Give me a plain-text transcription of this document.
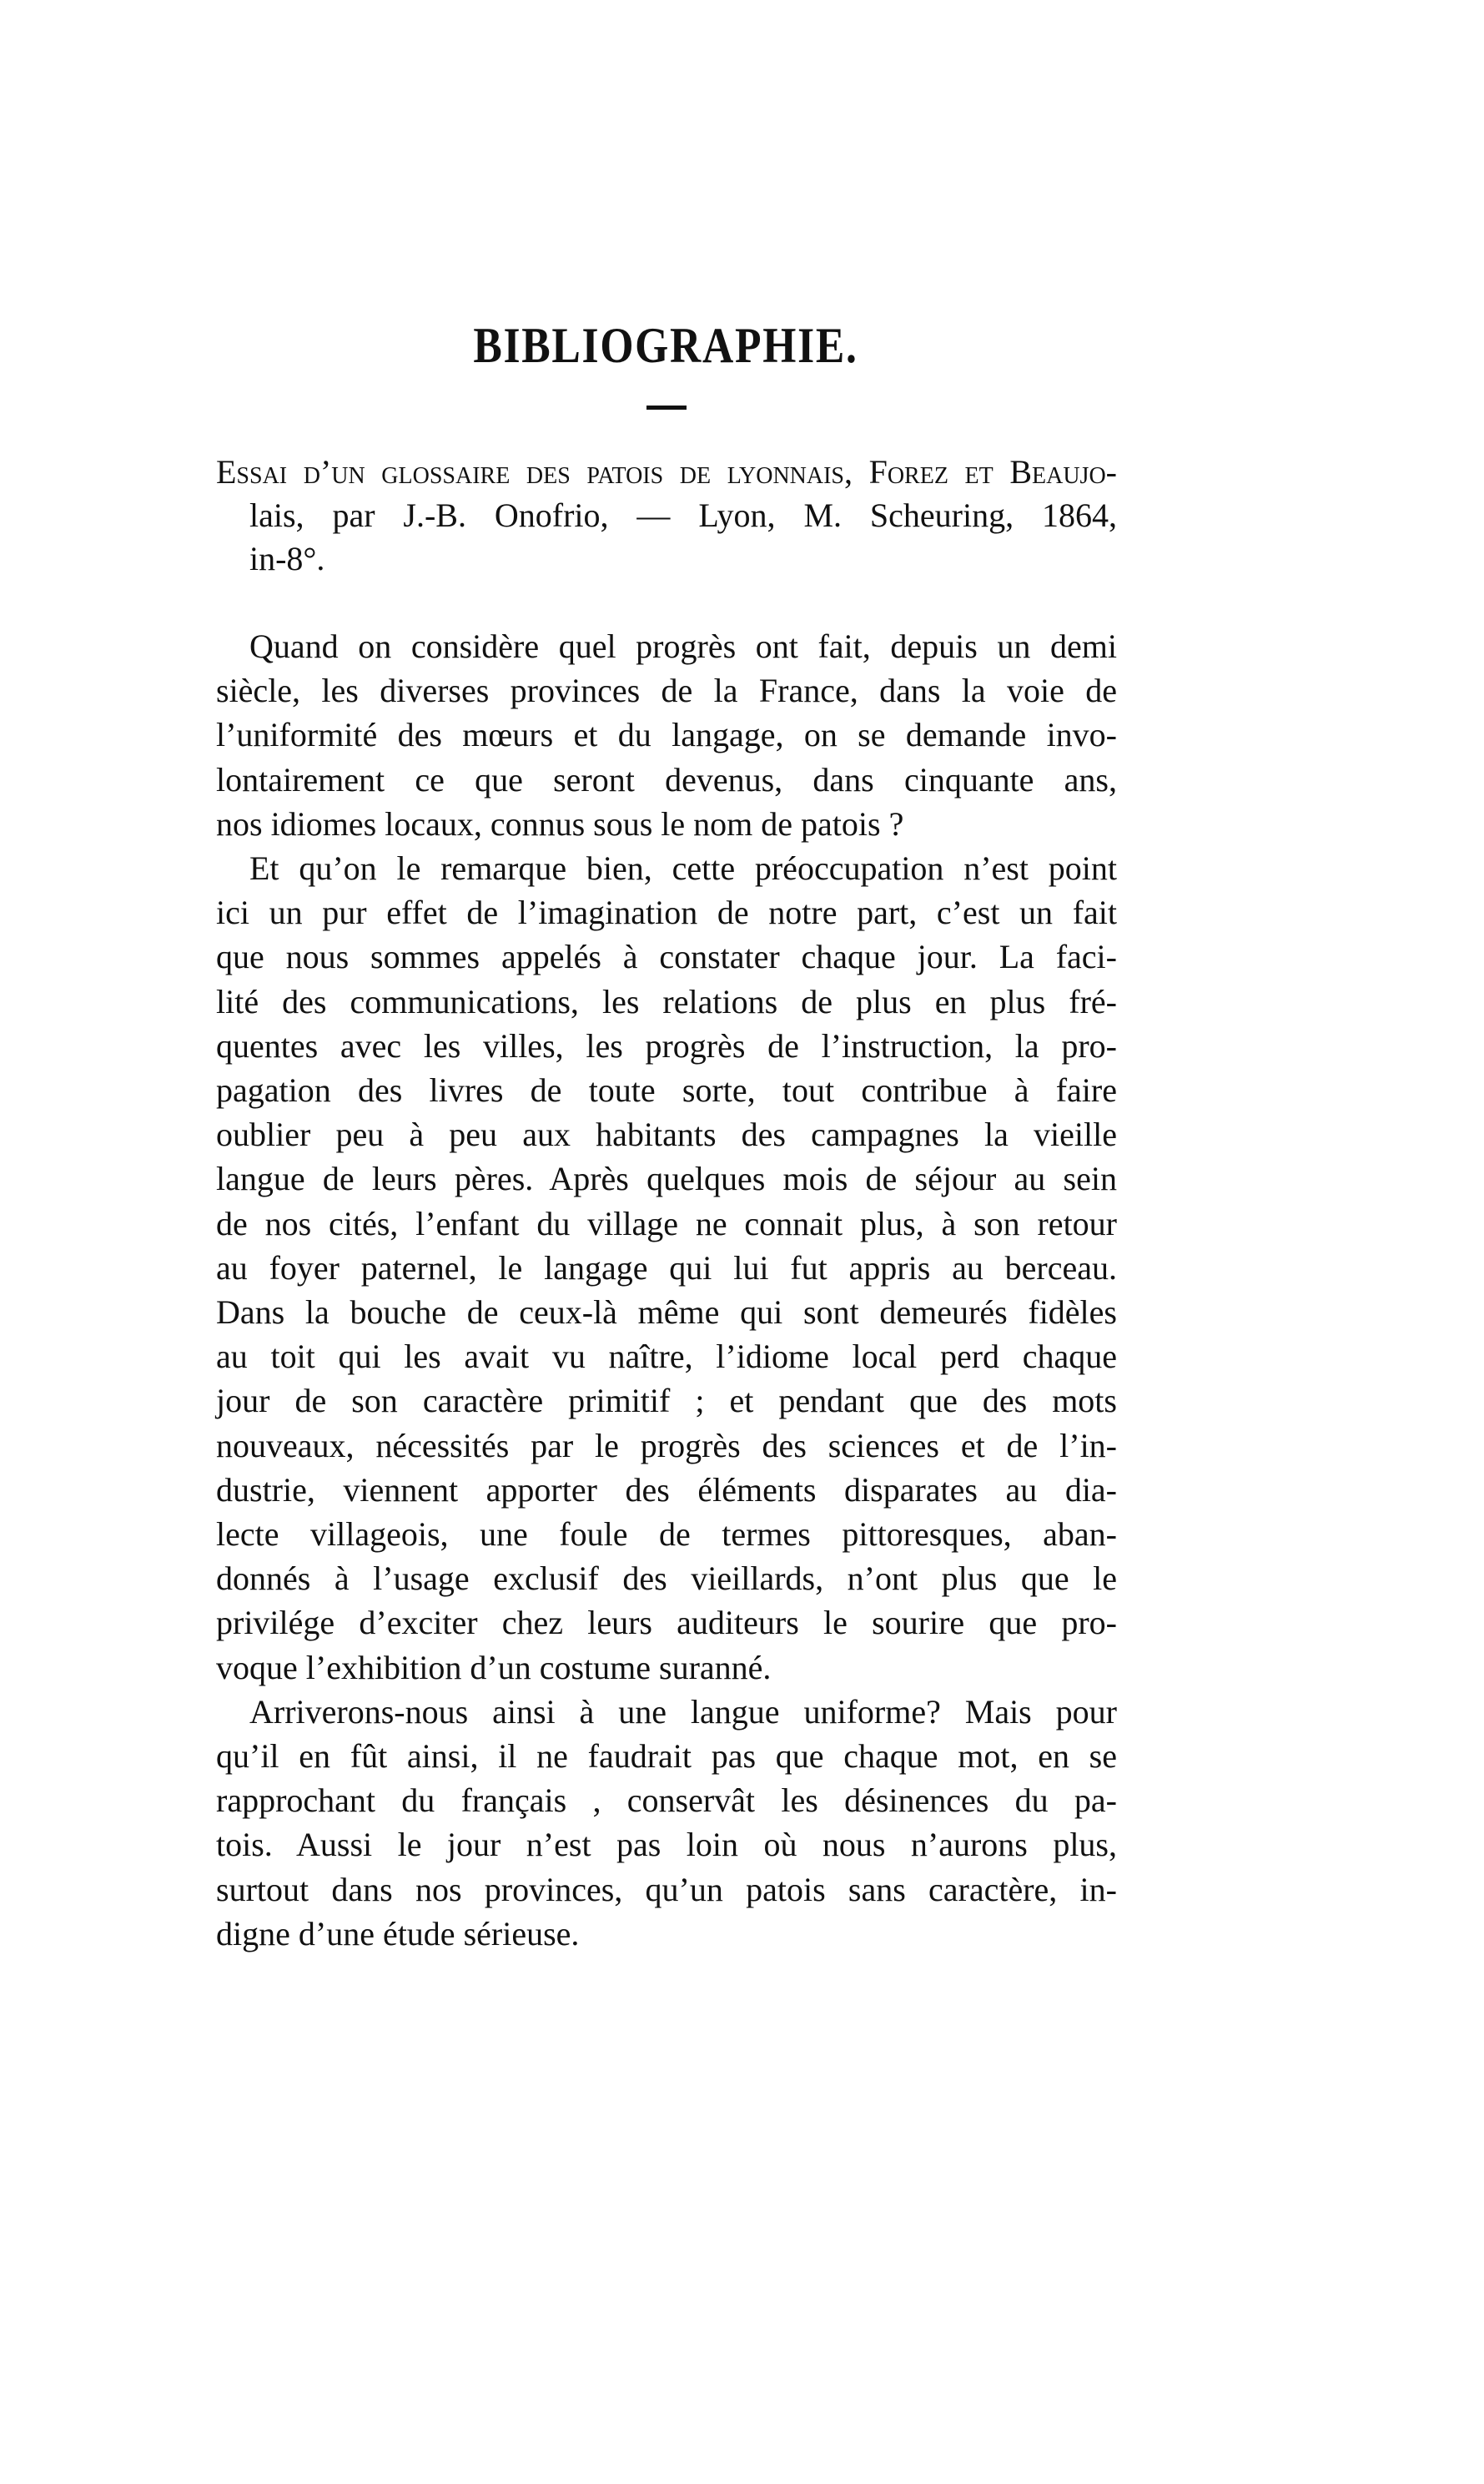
BIBLIOGRAPHIE.
Essai d’un glossaire des patois de lyonnais, Forez et Beaujo-
lais, par J.-B. Onofrio, — Lyon, M. Scheuring, 1864,
in-8°.
Quand on considère quel progrès ont fait, depuis un demi
siècle, les diverses provinces de la France, dans la voie de
l’uniformité des mœurs et du langage, on se demande invo-
lontairement ce que seront devenus, dans cinquante ans,
nos idiomes locaux, connus sous le nom de patois ?
Et qu’on le remarque bien, cette préoccupation n’est point
ici un pur effet de l’imagination de notre part, c’est un fait
que nous sommes appelés à constater chaque jour. La faci-
lité des communications, les relations de plus en plus fré-
quentes avec les villes, les progrès de l’instruction, la pro-
pagation des livres de toute sorte, tout contribue à faire
oublier peu à peu aux habitants des campagnes la vieille
langue de leurs pères. Après quelques mois de séjour au sein
de nos cités, l’enfant du village ne connait plus, à son retour
au foyer paternel, le langage qui lui fut appris au berceau.
Dans la bouche de ceux-là même qui sont demeurés fidèles
au toit qui les avait vu naître, l’idiome local perd chaque
jour de son caractère primitif ; et pendant que des mots
nouveaux, nécessités par le progrès des sciences et de l’in-
dustrie, viennent apporter des éléments disparates au dia-
lecte villageois, une foule de termes pittoresques, aban-
donnés à l’usage exclusif des vieillards, n’ont plus que le
privilége d’exciter chez leurs auditeurs le sourire que pro-
voque l’exhibition d’un costume suranné.
Arriverons-nous ainsi à une langue uniforme? Mais pour
qu’il en fût ainsi, il ne faudrait pas que chaque mot, en se
rapprochant du français , conservât les désinences du pa-
tois. Aussi le jour n’est pas loin où nous n’aurons plus,
surtout dans nos provinces, qu’un patois sans caractère, in-
digne d’une étude sérieuse.
